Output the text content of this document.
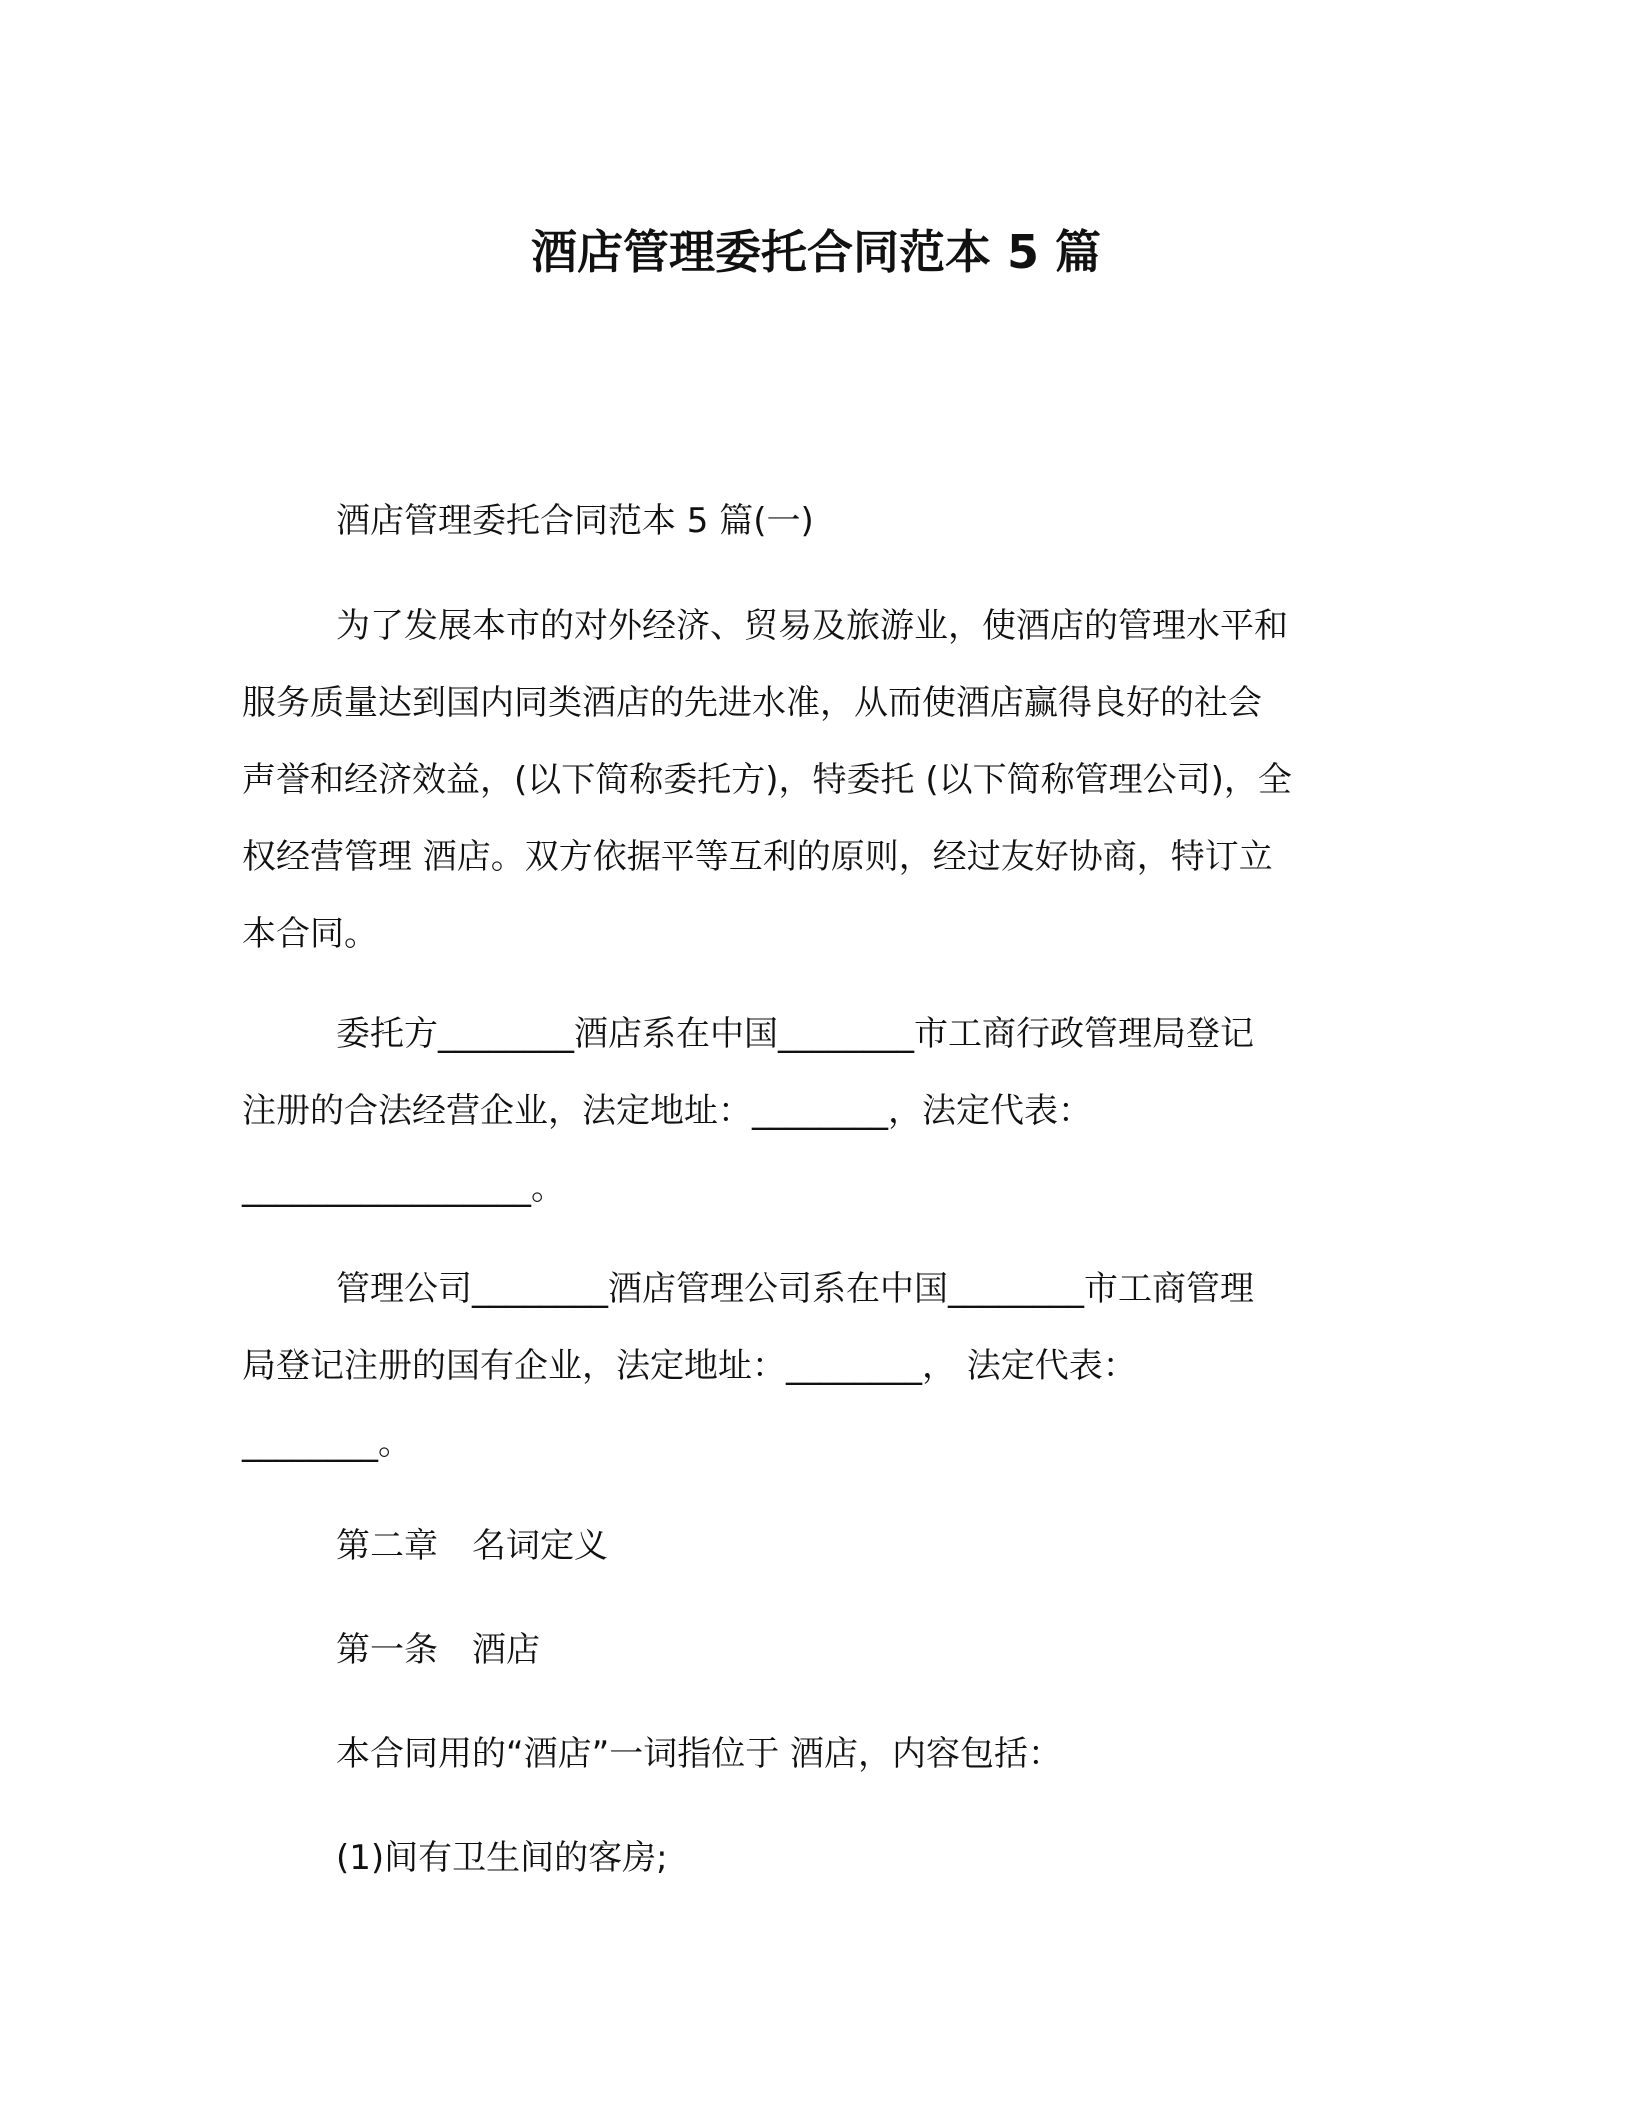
酒店管理委托合同范本 5 篇

酒店管理委托合同范本 5 篇(一)

为了发展本市的对外经济、贸易及旅游业，使酒店的管理水平和
服务质量达到国内同类酒店的先进水准，从而使酒店赢得良好的社会
声誉和经济效益，(以下简称委托方)，特委托 (以下简称管理公司)，全
权经营管理 酒店。双方依据平等互利的原则，经过友好协商，特订立
本合同。
委托方________酒店系在中国________市工商行政管理局登记
注册的合法经营企业，法定地址：________，法定代表：
_________________。
管理公司________酒店管理公司系在中国________市工商管理
局登记注册的国有企业，法定地址：________， 法定代表：
________。

第二章　名词定义

第一条　酒店

本合同用的“酒店”一词指位于 酒店，内容包括：

(1)间有卫生间的客房;
